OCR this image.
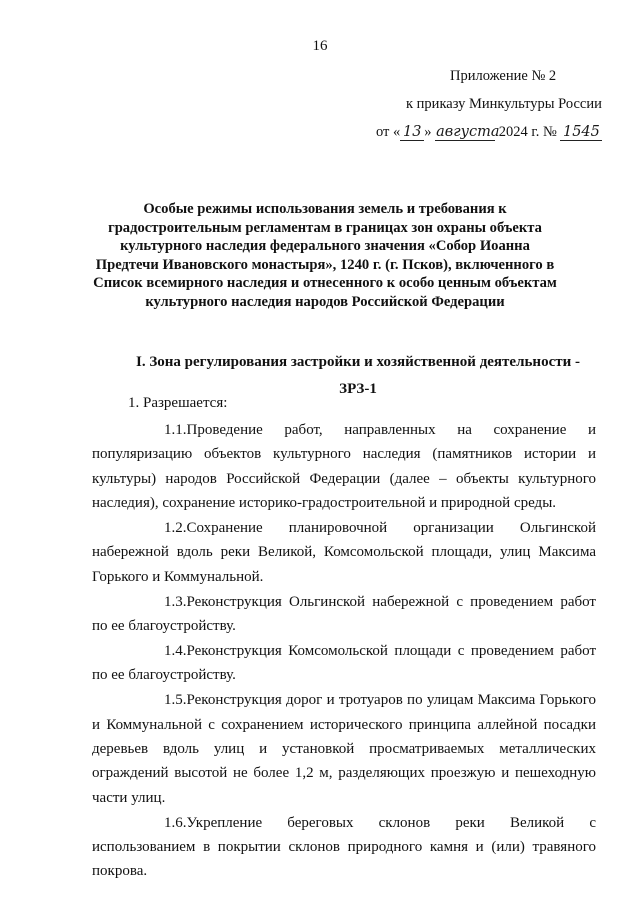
16
Приложение № 2
к приказу Минкультуры России
от « 13 » августа 2024 г. № 1545
Особые режимы использования земель и требования к градостроительным регламентам в границах зон охраны объекта культурного наследия федерального значения «Собор Иоанна Предтечи Ивановского монастыря», 1240 г. (г. Псков), включенного в Список всемирного наследия и отнесенного к особо ценным объектам культурного наследия народов Российской Федерации
I. Зона регулирования застройки и хозяйственной деятельности -
ЗРЗ-1
1. Разрешается:
1.1.Проведение работ, направленных на сохранение и популяризацию объектов культурного наследия (памятников истории и культуры) народов Российской Федерации (далее – объекты культурного наследия), сохранение историко-градостроительной и природной среды.
1.2.Сохранение планировочной организации Ольгинской набережной вдоль реки Великой, Комсомольской площади, улиц Максима Горького и Коммунальной.
1.3.Реконструкция Ольгинской набережной с проведением работ по ее благоустройству.
1.4.Реконструкция Комсомольской площади с проведением работ по ее благоустройству.
1.5.Реконструкция дорог и тротуаров по улицам Максима Горького и Коммунальной с сохранением исторического принципа аллейной посадки деревьев вдоль улиц и установкой просматриваемых металлических ограждений высотой не более 1,2 м, разделяющих проезжую и пешеходную части улиц.
1.6.Укрепление береговых склонов реки Великой с использованием в покрытии склонов природного камня и (или) травяного покрова.
